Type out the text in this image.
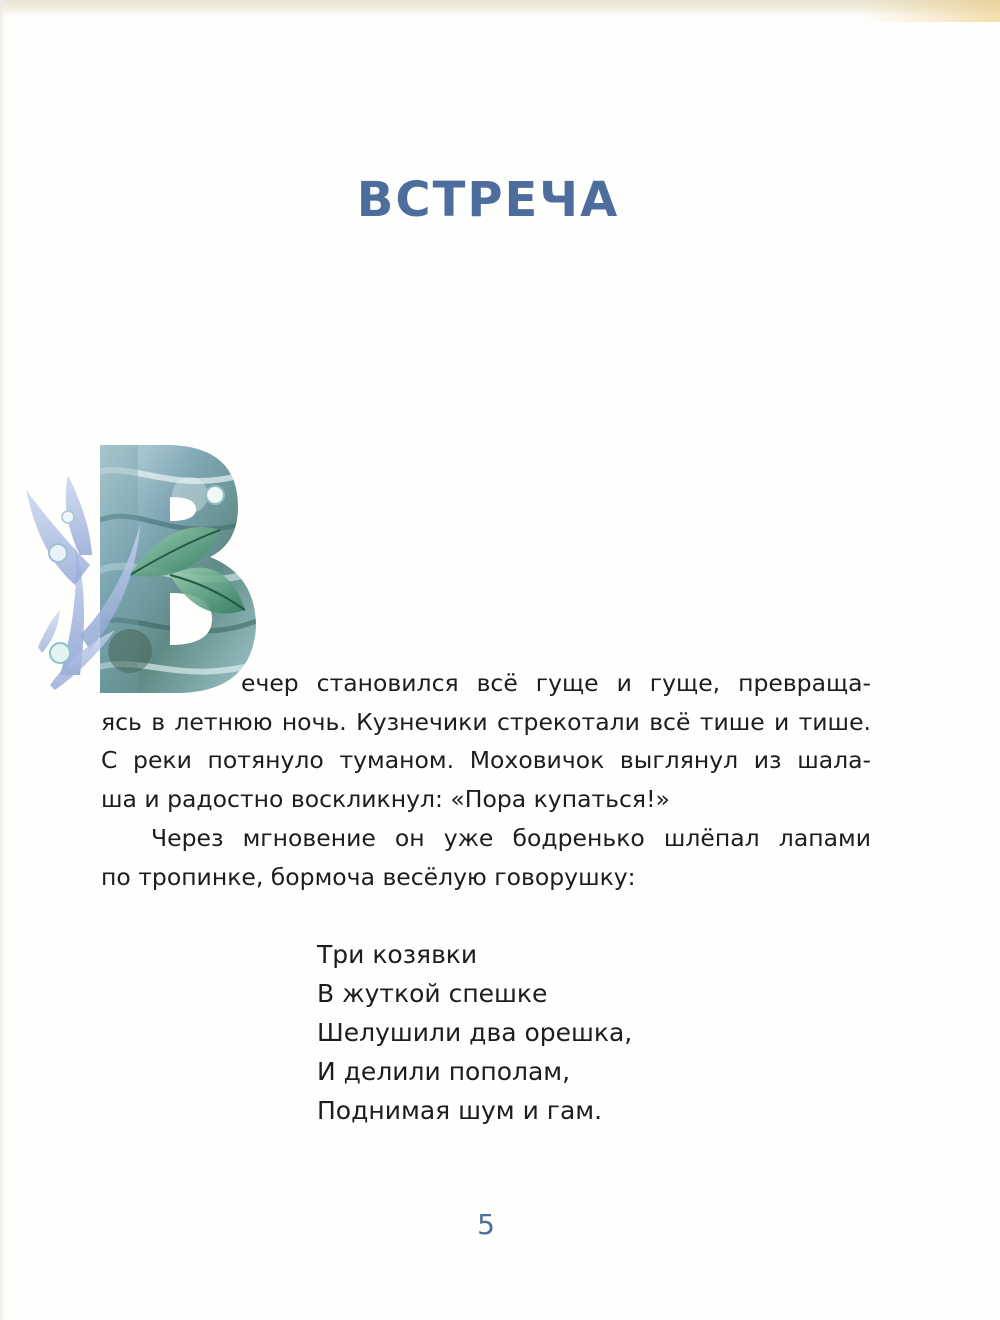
ВСТРЕЧА

ечер становился всё гуще и гуще, превраща-
ясь в летнюю ночь. Кузнечики стрекотали всё тише и тише.
С реки потянуло туманом. Моховичок выглянул из шала-
ша и радостно воскликнул: «Пора купаться!»

Через мгновение он уже бодренько шлёпал лапами
по тропинке, бормоча весёлую говорушку:

Три козявки
В жуткой спешке
Шелушили два орешка,
И делили пополам,
Поднимая шум и гам.
5
